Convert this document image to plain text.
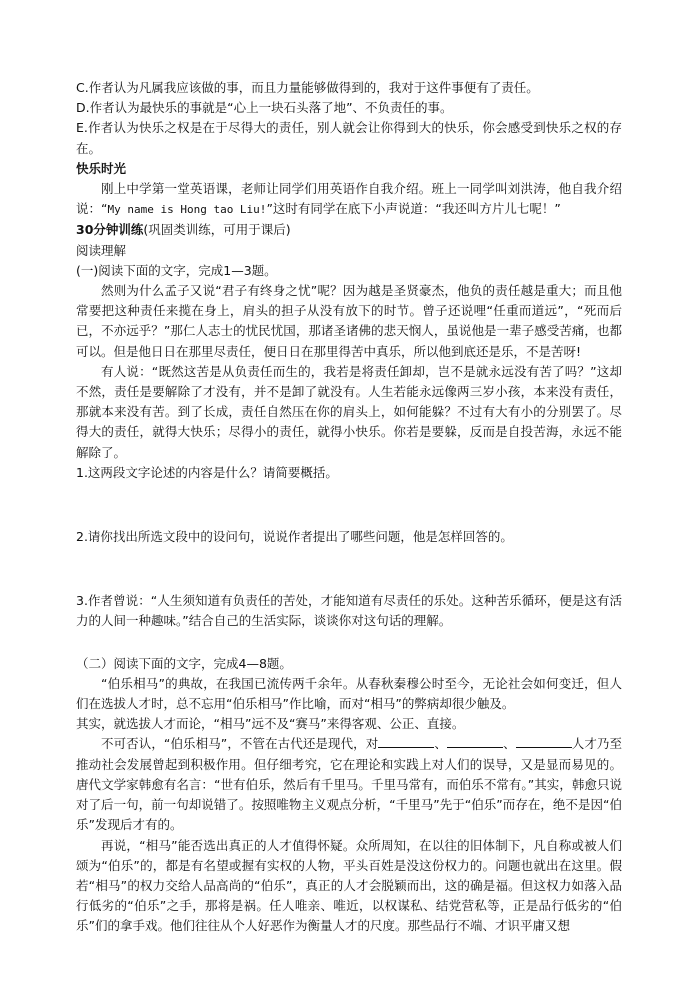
C.作者认为凡属我应该做的事，而且力量能够做得到的，我对于这件事便有了责任。

D.作者认为最快乐的事就是“心上一块石头落了地”、不负责任的事。

E.作者认为快乐之权是在于尽得大的责任，别人就会让你得到大的快乐，你会感受到快乐之权的存在。

快乐时光

刚上中学第一堂英语课，老师让同学们用英语作自我介绍。班上一同学叫刘洪涛，他自我介绍说：“My name is Hong tao Liu!”这时有同学在底下小声说道：“我还叫方片儿七呢！”

30分钟训练(巩固类训练，可用于课后)

阅读理解

(一)阅读下面的文字，完成1—3题。

然则为什么孟子又说“君子有终身之忧”呢？因为越是圣贤豪杰，他负的责任越是重大；而且他常要把这种责任来揽在身上，肩头的担子从没有放下的时节。曾子还说哩“任重而道远”，“死而后已，不亦远乎？”那仁人志士的忧民忧国，那诸圣诸佛的悲天悯人，虽说他是一辈子感受苦痛，也都可以。但是他日日在那里尽责任，便日日在那里得苦中真乐，所以他到底还是乐，不是苦呀!

有人说：“既然这苦是从负责任而生的，我若是将责任卸却，岂不是就永远没有苦了吗？”这却不然，责任是要解除了才没有，并不是卸了就没有。人生若能永远像两三岁小孩，本来没有责任，那就本来没有苦。到了长成，责任自然压在你的肩头上，如何能躲？不过有大有小的分别罢了。尽得大的责任，就得大快乐；尽得小的责任，就得小快乐。你若是要躲，反而是自投苦海，永远不能解除了。

1.这两段文字论述的内容是什么？请简要概括。

2.请你找出所选文段中的设问句，说说作者提出了哪些问题，他是怎样回答的。

3.作者曾说：“人生须知道有负责任的苦处，才能知道有尽责任的乐处。这种苦乐循环，便是这有活力的人间一种趣味。”结合自己的生活实际，谈谈你对这句话的理解。

（二）阅读下面的文字，完成4—8题。

“伯乐相马”的典故，在我国已流传两千余年。从春秋秦穆公时至今，无论社会如何变迁，但人们在选拔人才时，总不忘用“伯乐相马”作比喻，而对“相马”的弊病却很少触及。

其实，就选拔人才而论，“相马”远不及“赛马”来得客观、公正、直接。

不可否认，“伯乐相马”，不管在古代还是现代，对	、	、	人才乃至推动社会发展曾起到积极作用。但仔细考究，它在理论和实践上对人们的误导，又是显而易见的。唐代文学家韩愈有名言：“世有伯乐，然后有千里马。千里马常有，而伯乐不常有。”其实，韩愈只说对了后一句，前一句却说错了。按照唯物主义观点分析，“千里马”先于“伯乐”而存在，绝不是因“伯乐”发现后才有的。

再说，“相马”能否选出真正的人才值得怀疑。众所周知，在以往的旧体制下，凡自称或被人们颂为“伯乐”的，都是有名望或握有实权的人物，平头百姓是没这份权力的。问题也就出在这里。假若“相马”的权力交给人品高尚的“伯乐”，真正的人才会脱颖而出，这的确是福。但这权力如落入品行低劣的“伯乐”之手，那将是祸。任人唯亲、唯近，以权谋私、结党营私等，正是品行低劣的“伯乐”们的拿手戏。他们往往从个人好恶作为衡量人才的尺度。那些品行不端、才识平庸又想
